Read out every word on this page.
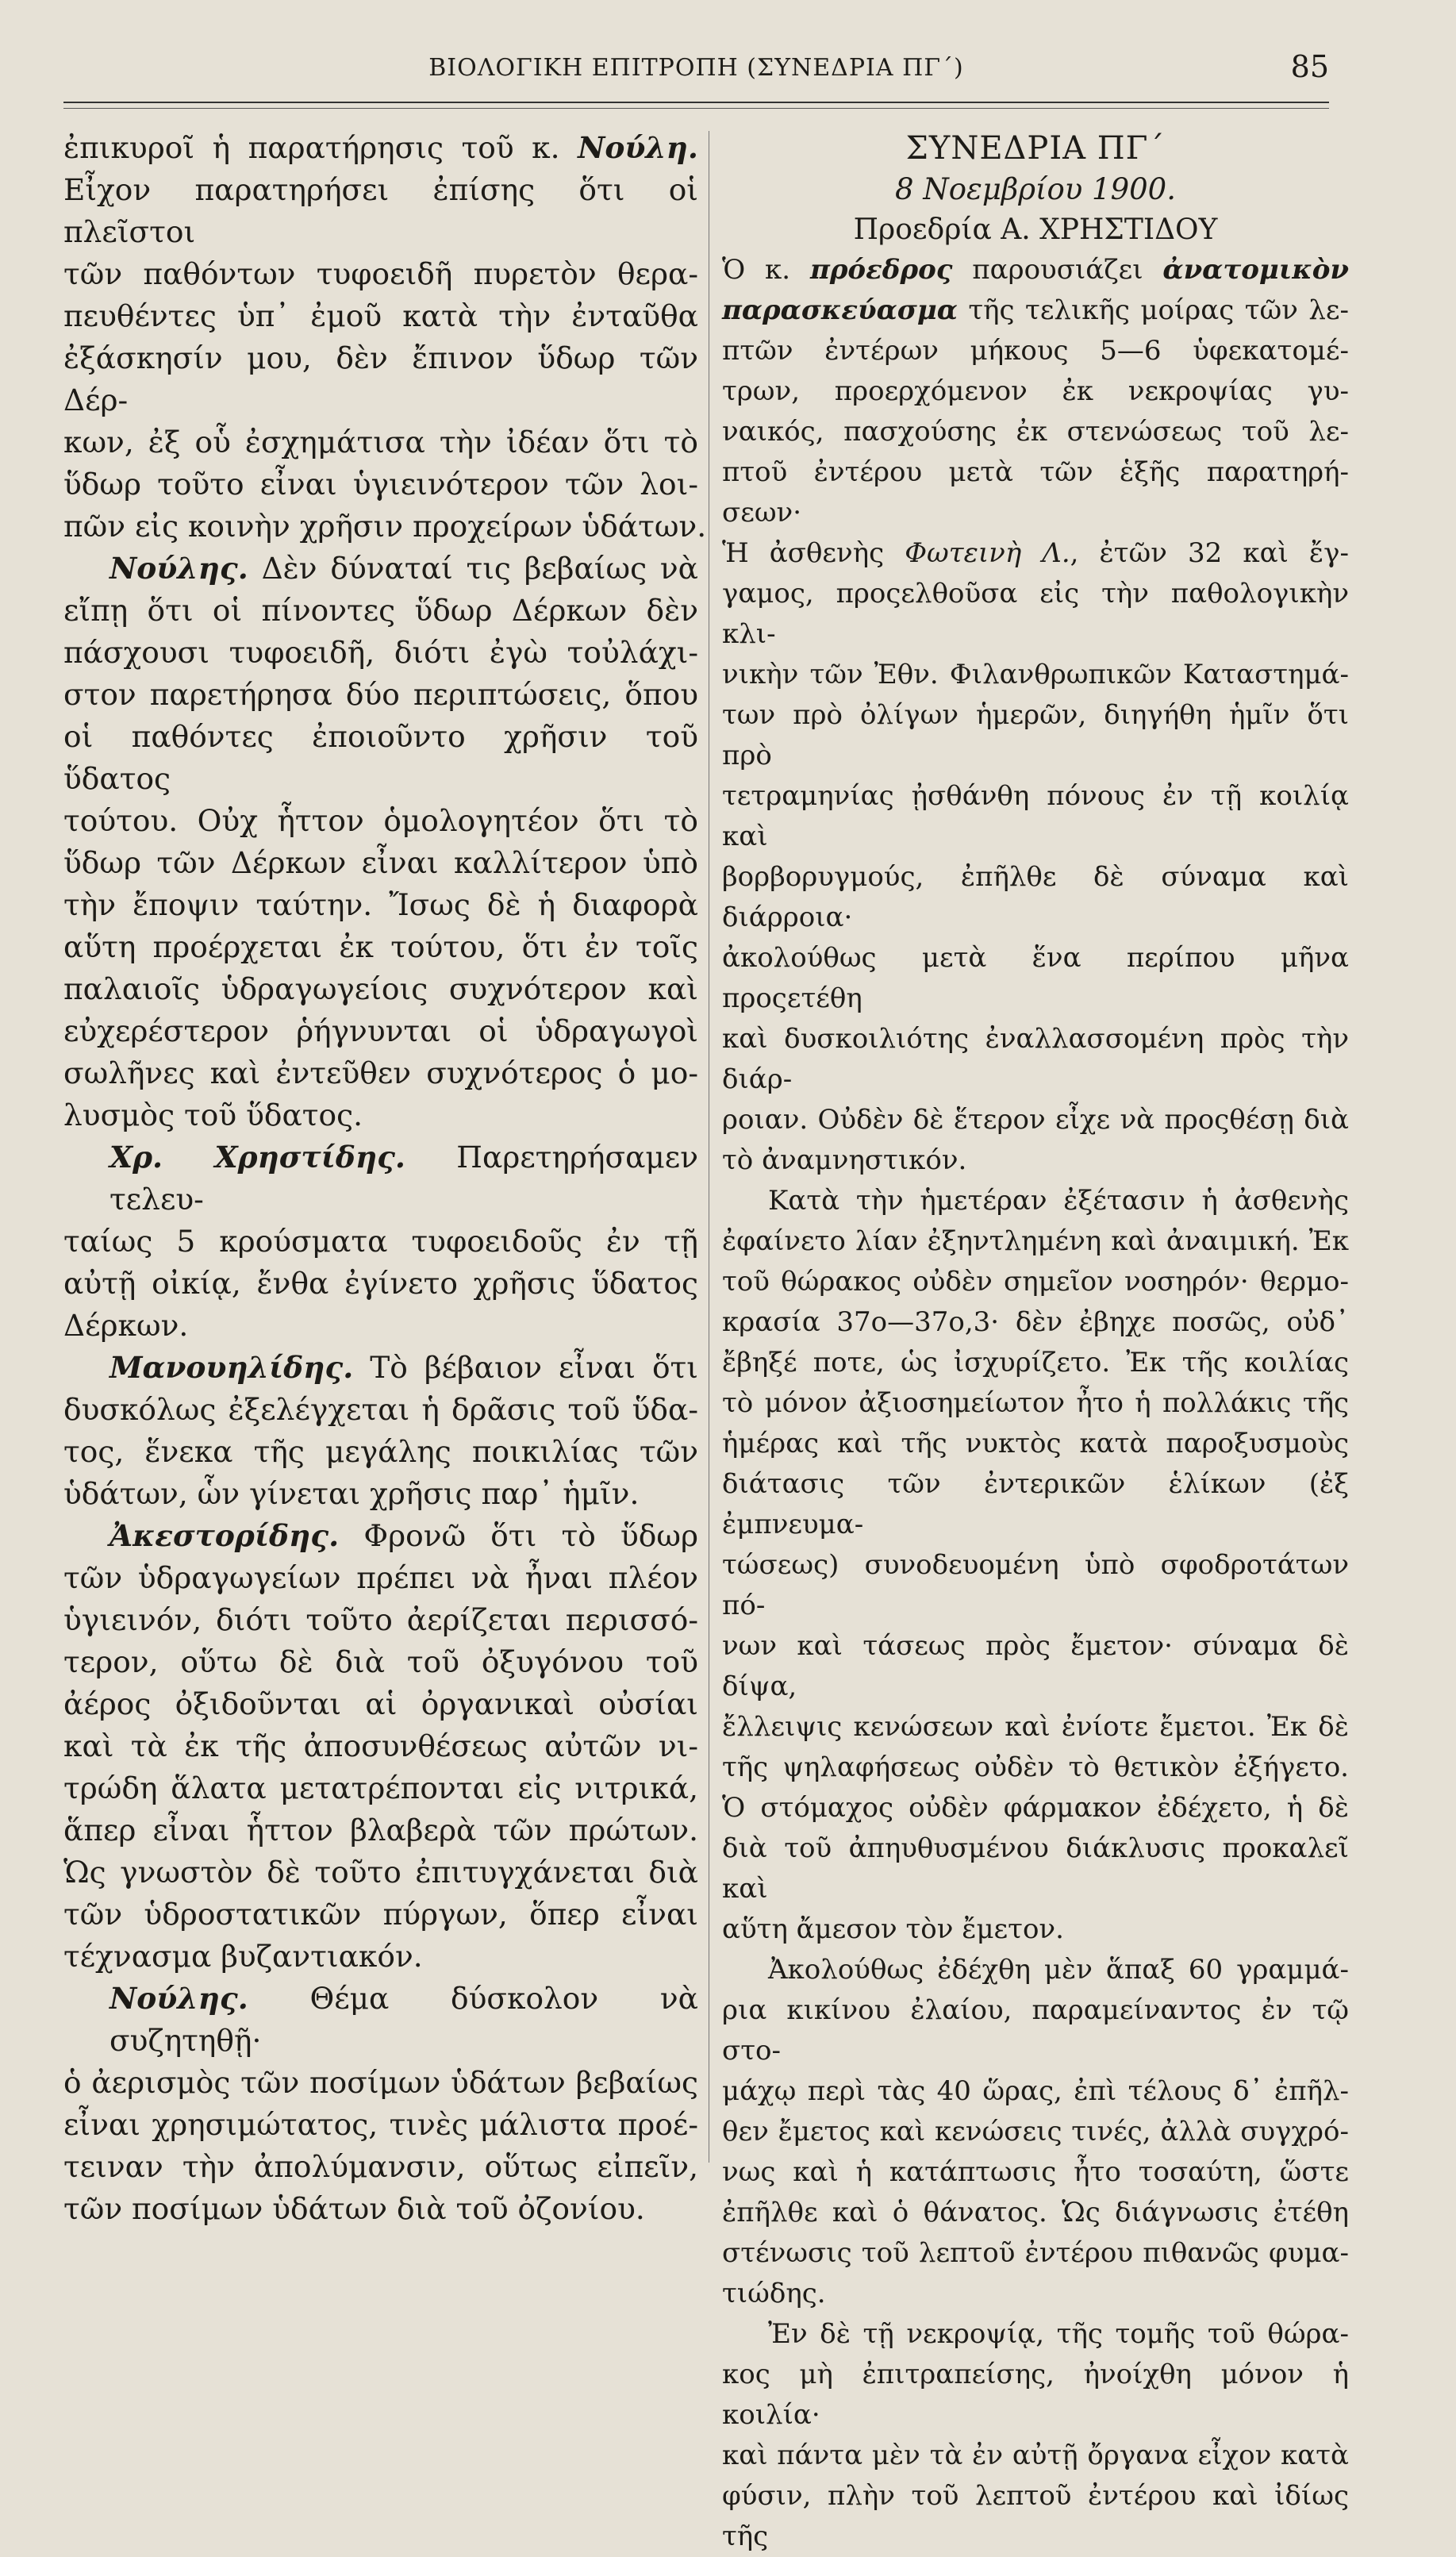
ΒΙΟΛΟΓΙΚΗ ΕΠΙΤΡΟΠΗ (ΣΥΝΕΔΡΙΑ ΠΓ΄)	85
ἐπικυροῖ ἡ παρατήρησις τοῦ κ. Νούλη.
Εἶχον παρατηρήσει ἐπίσης ὅτι οἱ πλεῖστοι
τῶν παθόντων τυφοειδῆ πυρετὸν θερα-
πευθέντες ὑπ᾽ ἐμοῦ κατὰ τὴν ἐνταῦθα
ἐξάσκησίν μου, δὲν ἔπινον ὕδωρ τῶν Δέρ-
κων, ἐξ οὗ ἐσχημάτισα τὴν ἰδέαν ὅτι τὸ
ὕδωρ τοῦτο εἶναι ὑγιεινότερον τῶν λοι-
πῶν εἰς κοινὴν χρῆσιν προχείρων ὑδάτων.
Νούλης. Δὲν δύναταί τις βεβαίως νὰ
εἴπῃ ὅτι οἱ πίνοντες ὕδωρ Δέρκων δὲν
πάσχουσι τυφοειδῆ, διότι ἐγὼ τοὐλάχι-
στον παρετήρησα δύο περιπτώσεις, ὅπου
οἱ παθόντες ἐποιοῦντο χρῆσιν τοῦ ὕδατος
τούτου. Οὐχ ἧττον ὁμολογητέον ὅτι τὸ
ὕδωρ τῶν Δέρκων εἶναι καλλίτερον ὑπὸ
τὴν ἔποψιν ταύτην. Ἴσως δὲ ἡ διαφορὰ
αὕτη προέρχεται ἐκ τούτου, ὅτι ἐν τοῖς
παλαιοῖς ὑδραγωγείοις συχνότερον καὶ
εὐχερέστερον ῥήγνυνται οἱ ὑδραγωγοὶ
σωλῆνες καὶ ἐντεῦθεν συχνότερος ὁ μο-
λυσμὸς τοῦ ὕδατος.
Χρ. Χρηστίδης. Παρετηρήσαμεν τελευ-
ταίως 5 κρούσματα τυφοειδοῦς ἐν τῇ
αὐτῇ οἰκίᾳ, ἔνθα ἐγίνετο χρῆσις ὕδατος
Δέρκων.
Μανουηλίδης. Τὸ βέβαιον εἶναι ὅτι
δυσκόλως ἐξελέγχεται ἡ δρᾶσις τοῦ ὕδα-
τος, ἕνεκα τῆς μεγάλης ποικιλίας τῶν
ὑδάτων, ὧν γίνεται χρῆσις παρ᾽ ἡμῖν.
Ἀκεστορίδης. Φρονῶ ὅτι τὸ ὕδωρ
τῶν ὑδραγωγείων πρέπει νὰ ἦναι πλέον
ὑγιεινόν, διότι τοῦτο ἀερίζεται περισσό-
τερον, οὕτω δὲ διὰ τοῦ ὀξυγόνου τοῦ
ἀέρος ὀξιδοῦνται αἱ ὀργανικαὶ οὐσίαι
καὶ τὰ ἐκ τῆς ἀποσυνθέσεως αὐτῶν νι-
τρώδη ἅλατα μετατρέπονται εἰς νιτρικά,
ἅπερ εἶναι ἧττον βλαβερὰ τῶν πρώτων.
Ὡς γνωστὸν δὲ τοῦτο ἐπιτυγχάνεται διὰ
τῶν ὑδροστατικῶν πύργων, ὅπερ εἶναι
τέχνασμα βυζαντιακόν.
Νούλης. Θέμα δύσκολον νὰ συζητηθῇ·
ὁ ἀερισμὸς τῶν ποσίμων ὑδάτων βεβαίως
εἶναι χρησιμώτατος, τινὲς μάλιστα προέ-
τειναν τὴν ἀπολύμανσιν, οὕτως εἰπεῖν,
τῶν ποσίμων ὑδάτων διὰ τοῦ ὀζονίου.
ΣΥΝΕΔΡΙΑ ΠΓ΄
8 Νοεμβρίου 1900.
Προεδρία Α. ΧΡΗΣΤΙΔΟΥ
Ὁ κ. πρόεδρος παρουσιάζει ἀνατομικὸν
παρασκεύασμα τῆς τελικῆς μοίρας τῶν λε-
πτῶν ἐντέρων μήκους 5—6 ὑφεκατομέ-
τρων, προερχόμενον ἐκ νεκροψίας γυ-
ναικός, πασχούσης ἐκ στενώσεως τοῦ λε-
πτοῦ ἐντέρου μετὰ τῶν ἑξῆς παρατηρή-
σεων·
Ἡ ἀσθενὴς Φωτεινὴ Λ., ἐτῶν 32 καὶ ἔγ-
γαμος, προςελθοῦσα εἰς τὴν παθολογικὴν κλι-
νικὴν τῶν Ἐθν. Φιλανθρωπικῶν Καταστημά-
των πρὸ ὀλίγων ἡμερῶν, διηγήθη ἡμῖν ὅτι πρὸ
τετραμηνίας ᾐσθάνθη πόνους ἐν τῇ κοιλίᾳ καὶ
βορβορυγμούς, ἐπῆλθε δὲ σύναμα καὶ διάρροια·
ἀκολούθως μετὰ ἕνα περίπου μῆνα προςετέθη
καὶ δυσκοιλιότης ἐναλλασσομένη πρὸς τὴν διάρ-
ροιαν. Οὐδὲν δὲ ἕτερον εἶχε νὰ προςθέσῃ διὰ
τὸ ἀναμνηστικόν.
Κατὰ τὴν ἡμετέραν ἐξέτασιν ἡ ἀσθενὴς
ἐφαίνετο λίαν ἐξηντλημένη καὶ ἀναιμική. Ἐκ
τοῦ θώρακος οὐδὲν σημεῖον νοσηρόν· θερμο-
κρασία 37ο—37ο,3· δὲν ἐβηχε ποσῶς, οὐδ᾽
ἔβηξέ ποτε, ὡς ἰσχυρίζετο. Ἐκ τῆς κοιλίας
τὸ μόνον ἀξιοσημείωτον ἦτο ἡ πολλάκις τῆς
ἡμέρας καὶ τῆς νυκτὸς κατὰ παροξυσμοὺς
διάτασις τῶν ἐντερικῶν ἑλίκων (ἐξ ἐμπνευμα-
τώσεως) συνοδευομένη ὑπὸ σφοδροτάτων πό-
νων καὶ τάσεως πρὸς ἔμετον· σύναμα δὲ δίψα,
ἔλλειψις κενώσεων καὶ ἐνίοτε ἔμετοι. Ἐκ δὲ
τῆς ψηλαφήσεως οὐδὲν τὸ θετικὸν ἐξήγετο.
Ὁ στόμαχος οὐδὲν φάρμακον ἐδέχετο, ἡ δὲ
διὰ τοῦ ἀπηυθυσμένου διάκλυσις προκαλεῖ καὶ
αὕτη ἄμεσον τὸν ἔμετον.
Ἀκολούθως ἐδέχθη μὲν ἅπαξ 60 γραμμά-
ρια κικίνου ἐλαίου, παραμείναντος ἐν τῷ στο-
μάχῳ περὶ τὰς 40 ὥρας, ἐπὶ τέλους δ᾽ ἐπῆλ-
θεν ἔμετος καὶ κενώσεις τινές, ἀλλὰ συγχρό-
νως καὶ ἡ κατάπτωσις ἦτο τοσαύτη, ὥστε
ἐπῆλθε καὶ ὁ θάνατος. Ὡς διάγνωσις ἐτέθη
στένωσις τοῦ λεπτοῦ ἐντέρου πιθανῶς φυμα-
τιώδης.
Ἐν δὲ τῇ νεκροψίᾳ, τῆς τομῆς τοῦ θώρα-
κος μὴ ἐπιτραπείσης, ἠνοίχθη μόνον ἡ κοιλία·
καὶ πάντα μὲν τὰ ἐν αὐτῇ ὄργανα εἶχον κατὰ
φύσιν, πλὴν τοῦ λεπτοῦ ἐντέρου καὶ ἰδίως τῆς
